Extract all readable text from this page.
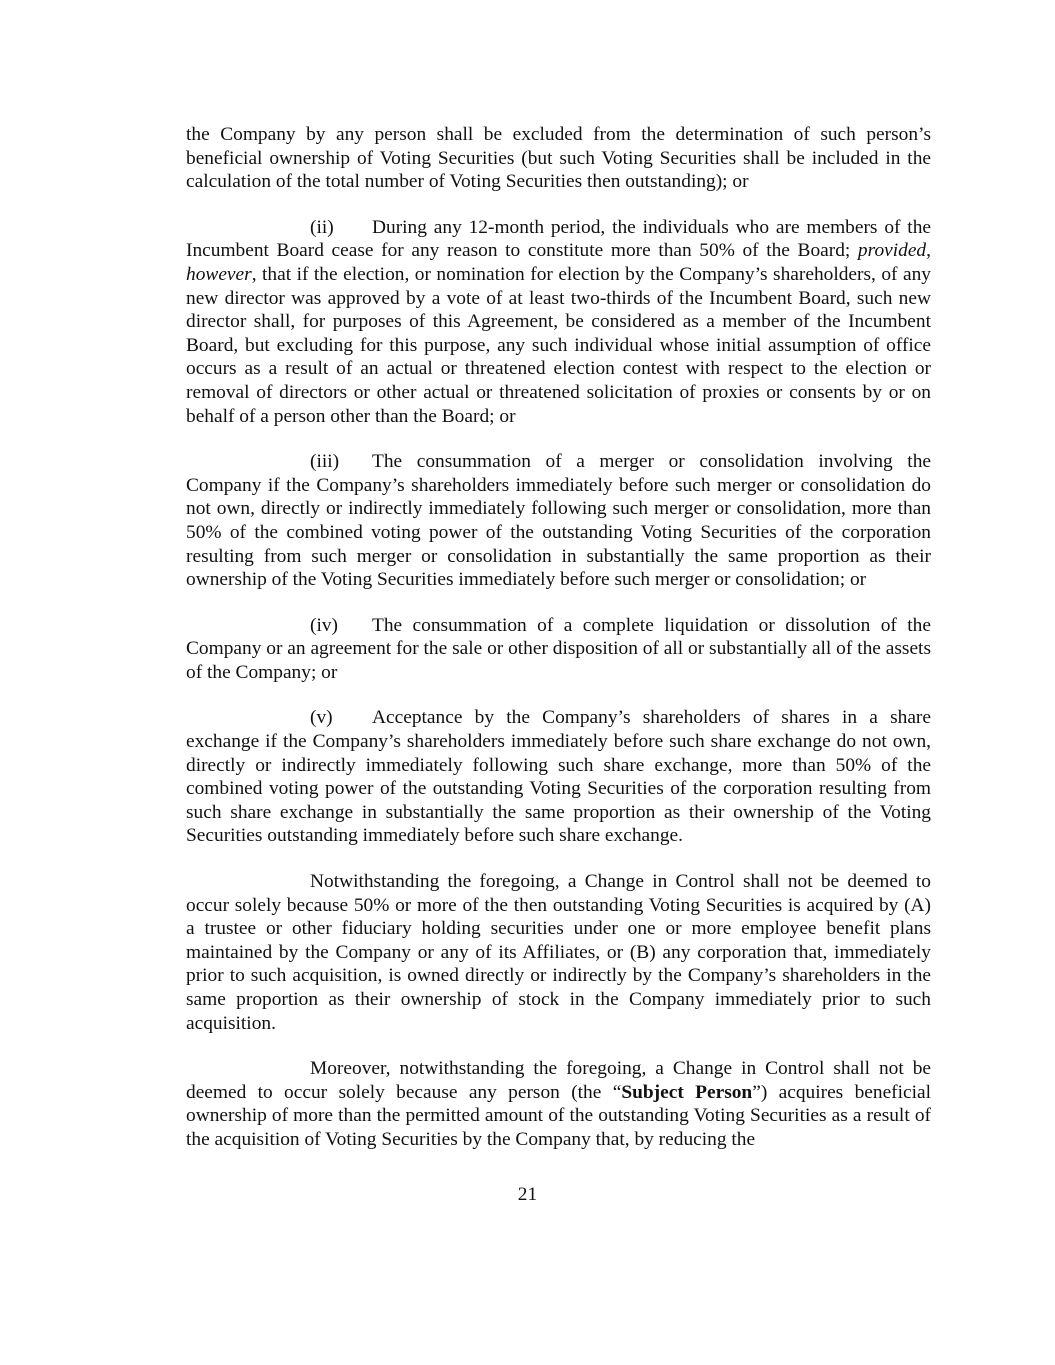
the Company by any person shall be excluded from the determination of such person’s beneficial ownership of Voting Securities (but such Voting Securities shall be included in the calculation of the total number of Voting Securities then outstanding); or

(ii) During any 12-month period, the individuals who are members of the Incumbent Board cease for any reason to constitute more than 50% of the Board; provided, however, that if the election, or nomination for election by the Company’s shareholders, of any new director was approved by a vote of at least two-thirds of the Incumbent Board, such new director shall, for purposes of this Agreement, be considered as a member of the Incumbent Board, but excluding for this purpose, any such individual whose initial assumption of office occurs as a result of an actual or threatened election contest with respect to the election or removal of directors or other actual or threatened solicitation of proxies or consents by or on behalf of a person other than the Board; or

(iii) The consummation of a merger or consolidation involving the Company if the Company’s shareholders immediately before such merger or consolidation do not own, directly or indirectly immediately following such merger or consolidation, more than 50% of the combined voting power of the outstanding Voting Securities of the corporation resulting from such merger or consolidation in substantially the same proportion as their ownership of the Voting Securities immediately before such merger or consolidation; or

(iv) The consummation of a complete liquidation or dissolution of the Company or an agreement for the sale or other disposition of all or substantially all of the assets of the Company; or

(v) Acceptance by the Company’s shareholders of shares in a share exchange if the Company’s shareholders immediately before such share exchange do not own, directly or indirectly immediately following such share exchange, more than 50% of the combined voting power of the outstanding Voting Securities of the corporation resulting from such share exchange in substantially the same proportion as their ownership of the Voting Securities outstanding immediately before such share exchange.

Notwithstanding the foregoing, a Change in Control shall not be deemed to occur solely because 50% or more of the then outstanding Voting Securities is acquired by (A) a trustee or other fiduciary holding securities under one or more employee benefit plans maintained by the Company or any of its Affiliates, or (B) any corporation that, immediately prior to such acquisition, is owned directly or indirectly by the Company’s shareholders in the same proportion as their ownership of stock in the Company immediately prior to such acquisition.

Moreover, notwithstanding the foregoing, a Change in Control shall not be deemed to occur solely because any person (the “Subject Person”) acquires beneficial ownership of more than the permitted amount of the outstanding Voting Securities as a result of the acquisition of Voting Securities by the Company that, by reducing the

21
